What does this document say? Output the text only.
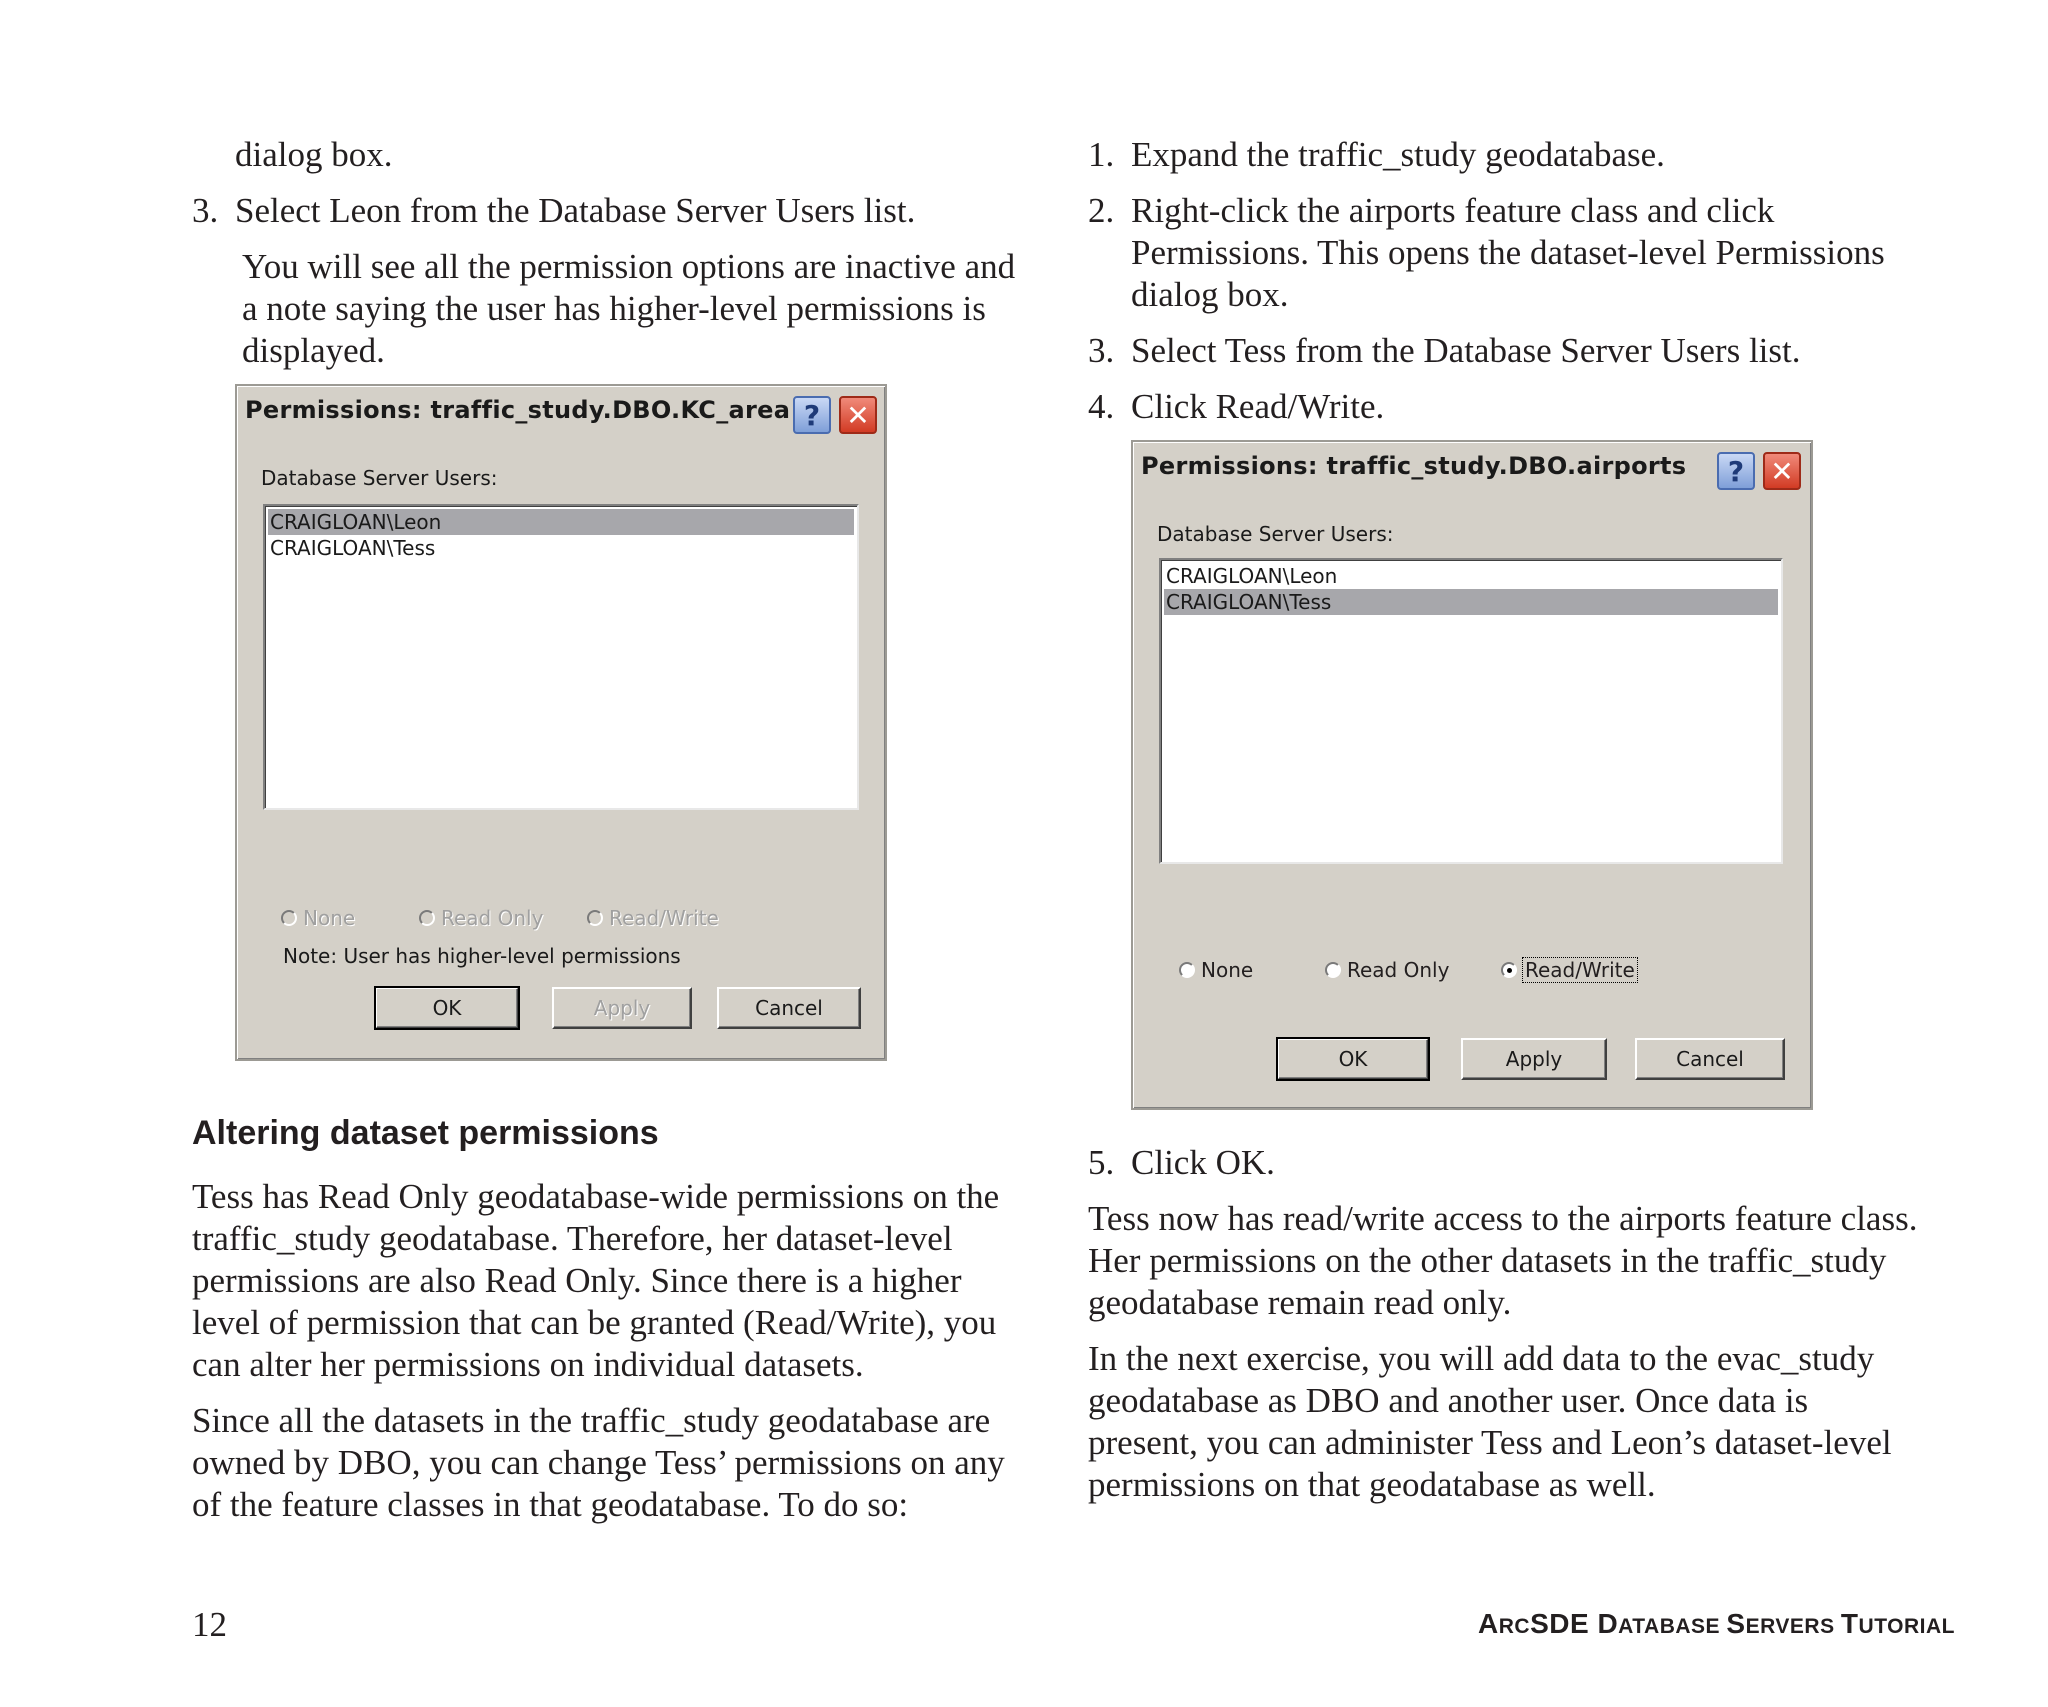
dialog box.
3. Select Leon from the Database Server Users list.
You will see all the permission options are inactive and
a note saying the user has higher-level permissions is
displayed.
Permissions: traffic_study.DBO.KC_area ? ✕
Database Server Users:
CRAIGLOAN\Leon
CRAIGLOAN\Tess
None	Read Only	Read/Write
Note: User has higher-level permissions
OK	Apply	Cancel
Altering dataset permissions
Tess has Read Only geodatabase-wide permissions on the
traffic_study geodatabase. Therefore, her dataset-level
permissions are also Read Only. Since there is a higher
level of permission that can be granted (Read/Write), you
can alter her permissions on individual datasets.
Since all the datasets in the traffic_study geodatabase are
owned by DBO, you can change Tess’ permissions on any
of the feature classes in that geodatabase. To do so:
1. Expand the traffic_study geodatabase.
2. Right-click the airports feature class and click
Permissions. This opens the dataset-level Permissions
dialog box.
3. Select Tess from the Database Server Users list.
4. Click Read/Write.
Permissions: traffic_study.DBO.airports	? ✕
Database Server Users:
CRAIGLOAN\Leon
CRAIGLOAN\Tess
None	Read Only	Read/Write
OK	Apply	Cancel
5. Click OK.
Tess now has read/write access to the airports feature class.
Her permissions on the other datasets in the traffic_study
geodatabase remain read only.
In the next exercise, you will add data to the evac_study
geodatabase as DBO and another user. Once data is
present, you can administer Tess and Leon’s dataset-level
permissions on that geodatabase as well.
12	ARCSDE DATABASE SERVERS TUTORIAL
